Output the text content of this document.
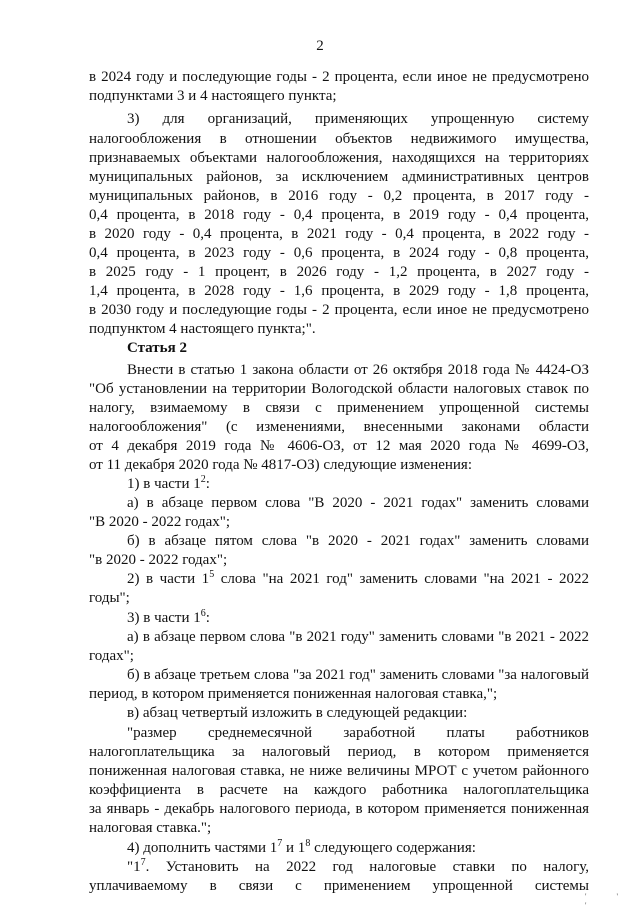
2
в 2024 году и последующие годы - 2 процента, если иное не предусмотрено
подпунктами 3 и 4 настоящего пункта;
3) для организаций, применяющих упрощенную систему
налогообложения в отношении объектов недвижимого имущества,
признаваемых объектами налогообложения, находящихся на территориях
муниципальных районов, за исключением административных центров
муниципальных районов, в 2016 году - 0,2 процента, в 2017 году -
0,4 процента, в 2018 году - 0,4 процента, в 2019 году - 0,4 процента,
в 2020 году - 0,4 процента, в 2021 году - 0,4 процента, в 2022 году -
0,4 процента, в 2023 году - 0,6 процента, в 2024 году - 0,8 процента,
в 2025 году - 1 процент, в 2026 году - 1,2 процента, в 2027 году -
1,4 процента, в 2028 году - 1,6 процента, в 2029 году - 1,8 процента,
в 2030 году и последующие годы - 2 процента, если иное не предусмотрено
подпунктом 4 настоящего пункта;".
Статья 2
Внести в статью 1 закона области от 26 октября 2018 года № 4424-ОЗ
"Об установлении на территории Вологодской области налоговых ставок по
налогу, взимаемому в связи с применением упрощенной системы
налогообложения" (с изменениями, внесенными законами области
от 4 декабря 2019 года № 4606-ОЗ, от 12 мая 2020 года № 4699-ОЗ,
от 11 декабря 2020 года № 4817-ОЗ) следующие изменения:
1) в части $1^2$:
а) в абзаце первом слова "В 2020 - 2021 годах" заменить словами
"В 2020 - 2022 годах";
б) в абзаце пятом слова "в 2020 - 2021 годах" заменить словами
"в 2020 - 2022 годах";
2) в части $1^5$ слова "на 2021 год" заменить словами "на 2021 - 2022
годы";
3) в части $1^6$:
а) в абзаце первом слова "в 2021 году" заменить словами "в 2021 - 2022
годах";
б) в абзаце третьем слова "за 2021 год" заменить словами "за налоговый
период, в котором применяется пониженная налоговая ставка,";
в) абзац четвертый изложить в следующей редакции:
"размер среднемесячной заработной платы работников
налогоплательщика за налоговый период, в котором применяется
пониженная налоговая ставка, не ниже величины МРОТ с учетом районного
коэффициента в расчете на каждого работника налогоплательщика
за январь - декабрь налогового периода, в котором применяется пониженная
налоговая ставка.";
4) дополнить частями $1^7$ и $1^8$ следующего содержания:
"$1^7$. Установить на 2022 год налоговые ставки по налогу,
уплачиваемому в связи с применением упрощенной системы
' ' '
